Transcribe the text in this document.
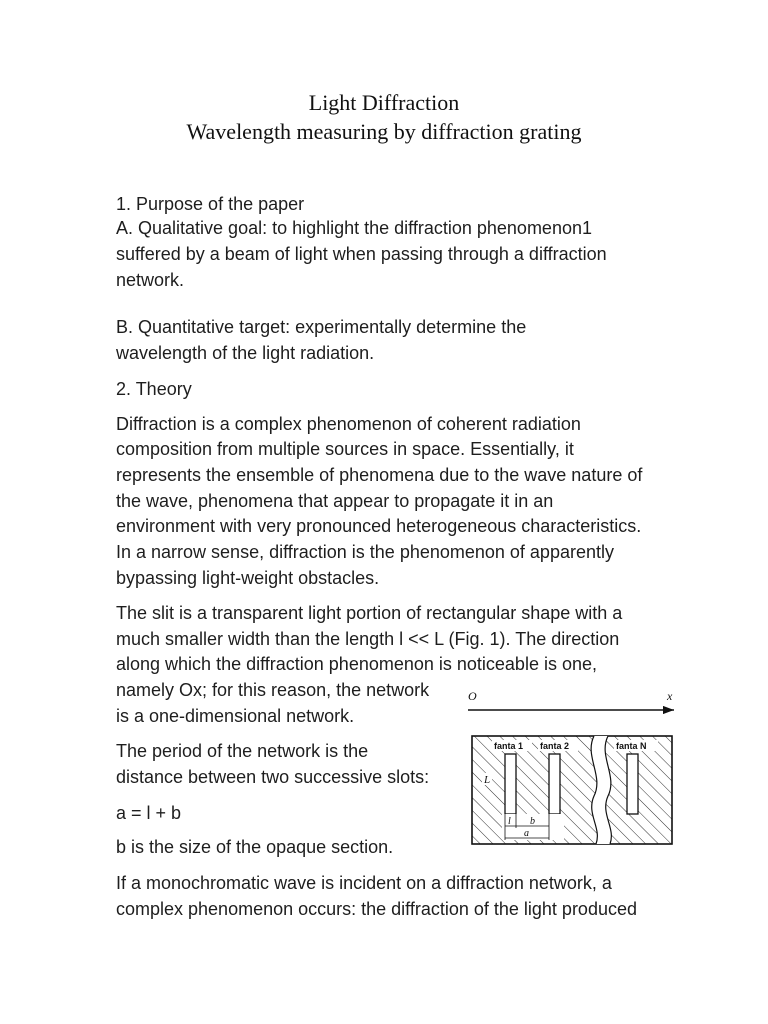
Light Diffraction
Wavelength measuring by diffraction grating
1. Purpose of the paper
A. Qualitative goal: to highlight the diffraction phenomenon1
suffered by a beam of light when passing through a diffraction
network.
B. Quantitative target: experimentally determine the
wavelength of the light radiation.
2. Theory
Diffraction is a complex phenomenon of coherent radiation
composition from multiple sources in space. Essentially, it
represents the ensemble of phenomena due to the wave nature of
the wave, phenomena that appear to propagate it in an
environment with very pronounced heterogeneous characteristics.
In a narrow sense, diffraction is the phenomenon of apparently
bypassing light-weight obstacles.
The slit is a transparent light portion of rectangular shape with a
much smaller width than the length l << L (Fig. 1). The direction
along which the diffraction phenomenon is noticeable is one,
namely Ox; for this reason, the network
is a one-dimensional network.
The period of the network is the
distance between two successive slots:
a = l + b
b is the size of the opaque section.
If a monochromatic wave is incident on a diffraction network, a
complex phenomenon occurs: the diffraction of the light produced
O	x
fanta 1 fanta 2	fanta N
L
l b
a
